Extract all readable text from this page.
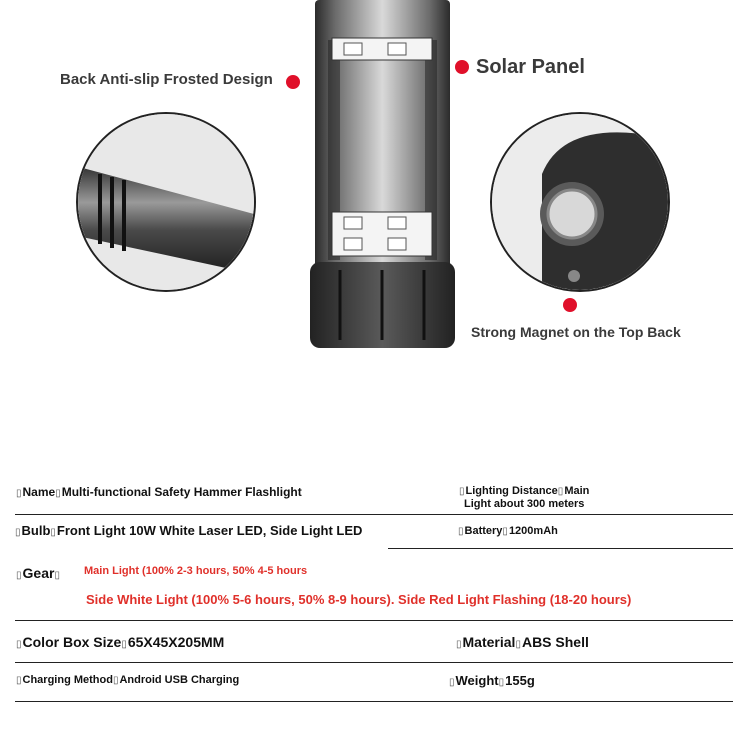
Back Anti-slip Frosted Design
Solar Panel
Strong Magnet on the Top Back
▯Name▯Multi-functional Safety Hammer Flashlight	▯Lighting Distance▯Main
Light about 300 meters
▯Bulb▯Front Light 10W White Laser LED, Side Light LED	▯Battery▯1200mAh
▯Gear▯ Main Light (100% 2-3 hours, 50% 4-5 hours
Side White Light (100% 5-6 hours, 50% 8-9 hours). Side Red Light Flashing (18-20 hours)
▯Color Box Size▯65X45X205MM	▯Material▯ABS Shell
▯Charging Method▯Android USB Charging	▯Weight▯155g
